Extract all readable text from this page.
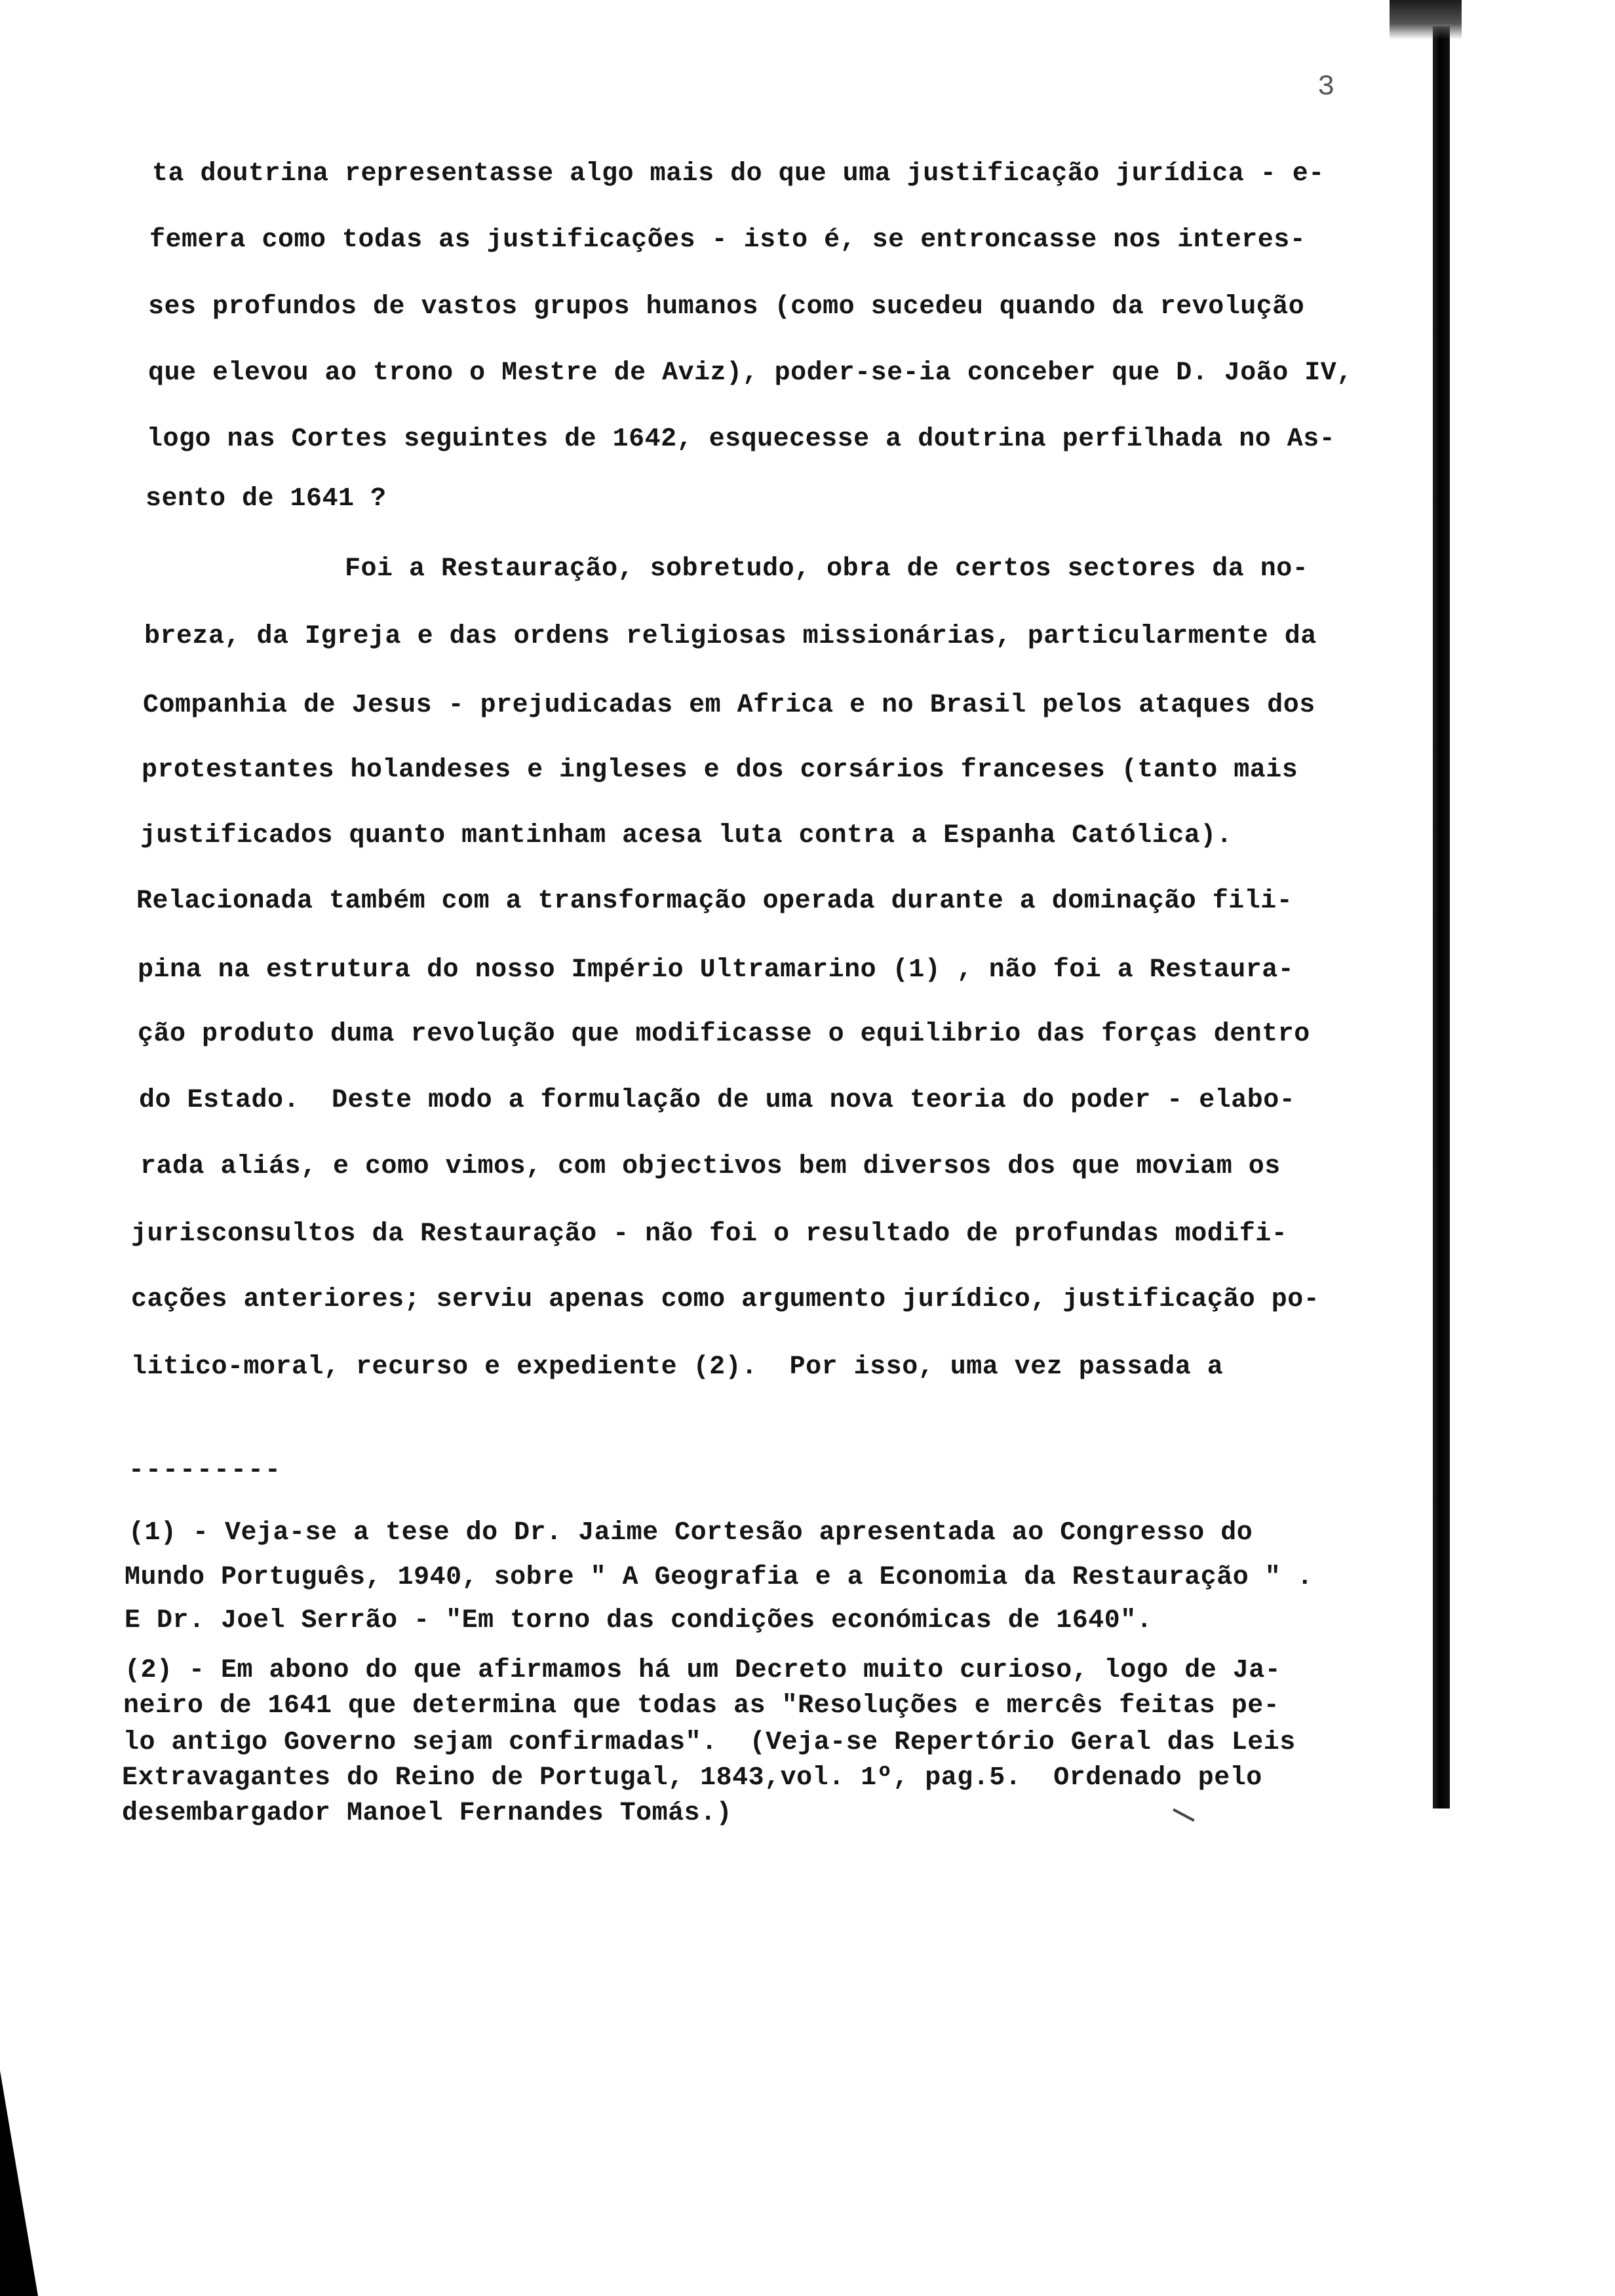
3
ta doutrina representasse algo mais do que uma justificação jurídica - e-
femera como todas as justificações - isto é, se entroncasse nos interes-
ses profundos de vastos grupos humanos (como sucedeu quando da revolução
que elevou ao trono o Mestre de Aviz), poder-se-ia conceber que D. João IV,
logo nas Cortes seguintes de 1642, esquecesse a doutrina perfilhada no As-
sento de 1641 ?
Foi a Restauração, sobretudo, obra de certos sectores da no-
breza, da Igreja e das ordens religiosas missionárias, particularmente da
Companhia de Jesus - prejudicadas em Africa e no Brasil pelos ataques dos
protestantes holandeses e ingleses e dos corsários franceses (tanto mais
justificados quanto mantinham acesa luta contra a Espanha Católica).
Relacionada também com a transformação operada durante a dominação fili-
pina na estrutura do nosso Império Ultramarino (1) , não foi a Restaura-
ção produto duma revolução que modificasse o equilibrio das forças dentro
do Estado.  Deste modo a formulação de uma nova teoria do poder - elabo-
rada aliás, e como vimos, com objectivos bem diversos dos que moviam os
jurisconsultos da Restauração - não foi o resultado de profundas modifi-
cações anteriores; serviu apenas como argumento jurídico, justificação po-
litico-moral, recurso e expediente (2).  Por isso, uma vez passada a
---------
(1) - Veja-se a tese do Dr. Jaime Cortesão apresentada ao Congresso do
Mundo Português, 1940, sobre " A Geografia e a Economia da Restauração " .
E Dr. Joel Serrão - "Em torno das condições económicas de 1640".
(2) - Em abono do que afirmamos há um Decreto muito curioso, logo de Ja-
neiro de 1641 que determina que todas as "Resoluções e mercês feitas pe-
lo antigo Governo sejam confirmadas".  (Veja-se Repertório Geral das Leis
Extravagantes do Reino de Portugal, 1843,vol. 1º, pag.5.  Ordenado pelo
desembargador Manoel Fernandes Tomás.)
